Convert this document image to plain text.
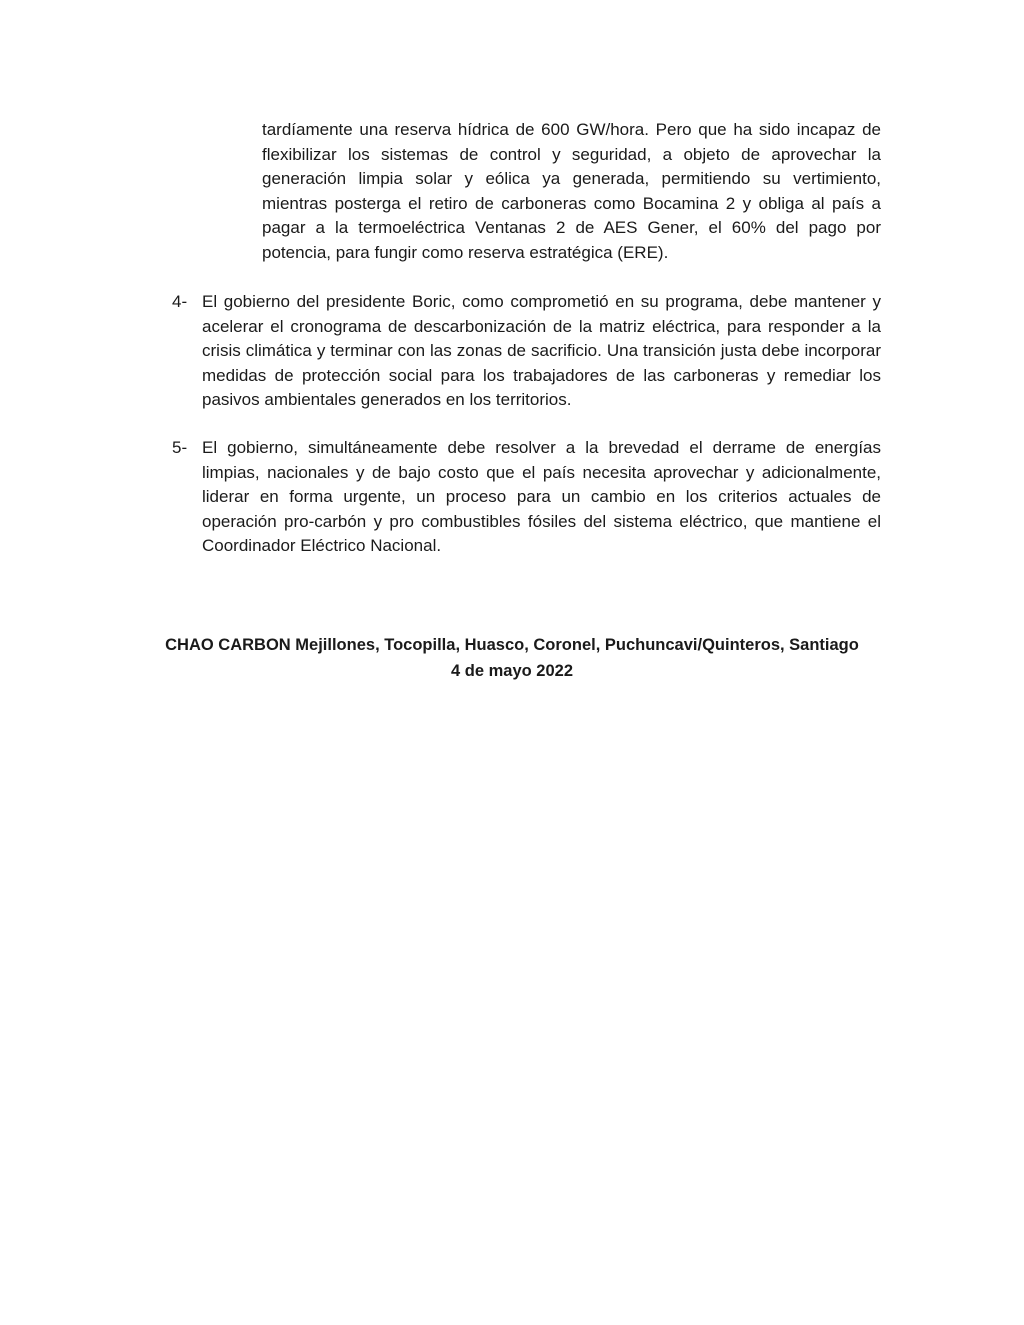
tardíamente una reserva hídrica de 600 GW/hora. Pero que ha sido incapaz de flexibilizar los sistemas de control y seguridad, a objeto de aprovechar la generación limpia solar y eólica ya generada, permitiendo su vertimiento, mientras posterga el retiro de carboneras como Bocamina 2 y obliga al país a pagar a la termoeléctrica Ventanas 2 de AES Gener, el 60% del pago por potencia, para fungir como reserva estratégica (ERE).

4- El gobierno del presidente Boric, como comprometió en su programa, debe mantener y acelerar el cronograma de descarbonización de la matriz eléctrica, para responder a la crisis climática y terminar con las zonas de sacrificio. Una transición justa debe incorporar medidas de protección social para los trabajadores de las carboneras y remediar los pasivos ambientales generados en los territorios.

5- El gobierno, simultáneamente debe resolver a la brevedad el derrame de energías limpias, nacionales y de bajo costo que el país necesita aprovechar y adicionalmente, liderar en forma urgente, un proceso para un cambio en los criterios actuales de operación pro-carbón y pro combustibles fósiles del sistema eléctrico, que mantiene el Coordinador Eléctrico Nacional.

CHAO CARBON Mejillones, Tocopilla, Huasco, Coronel, Puchuncavi/Quinteros, Santiago
4 de mayo 2022
